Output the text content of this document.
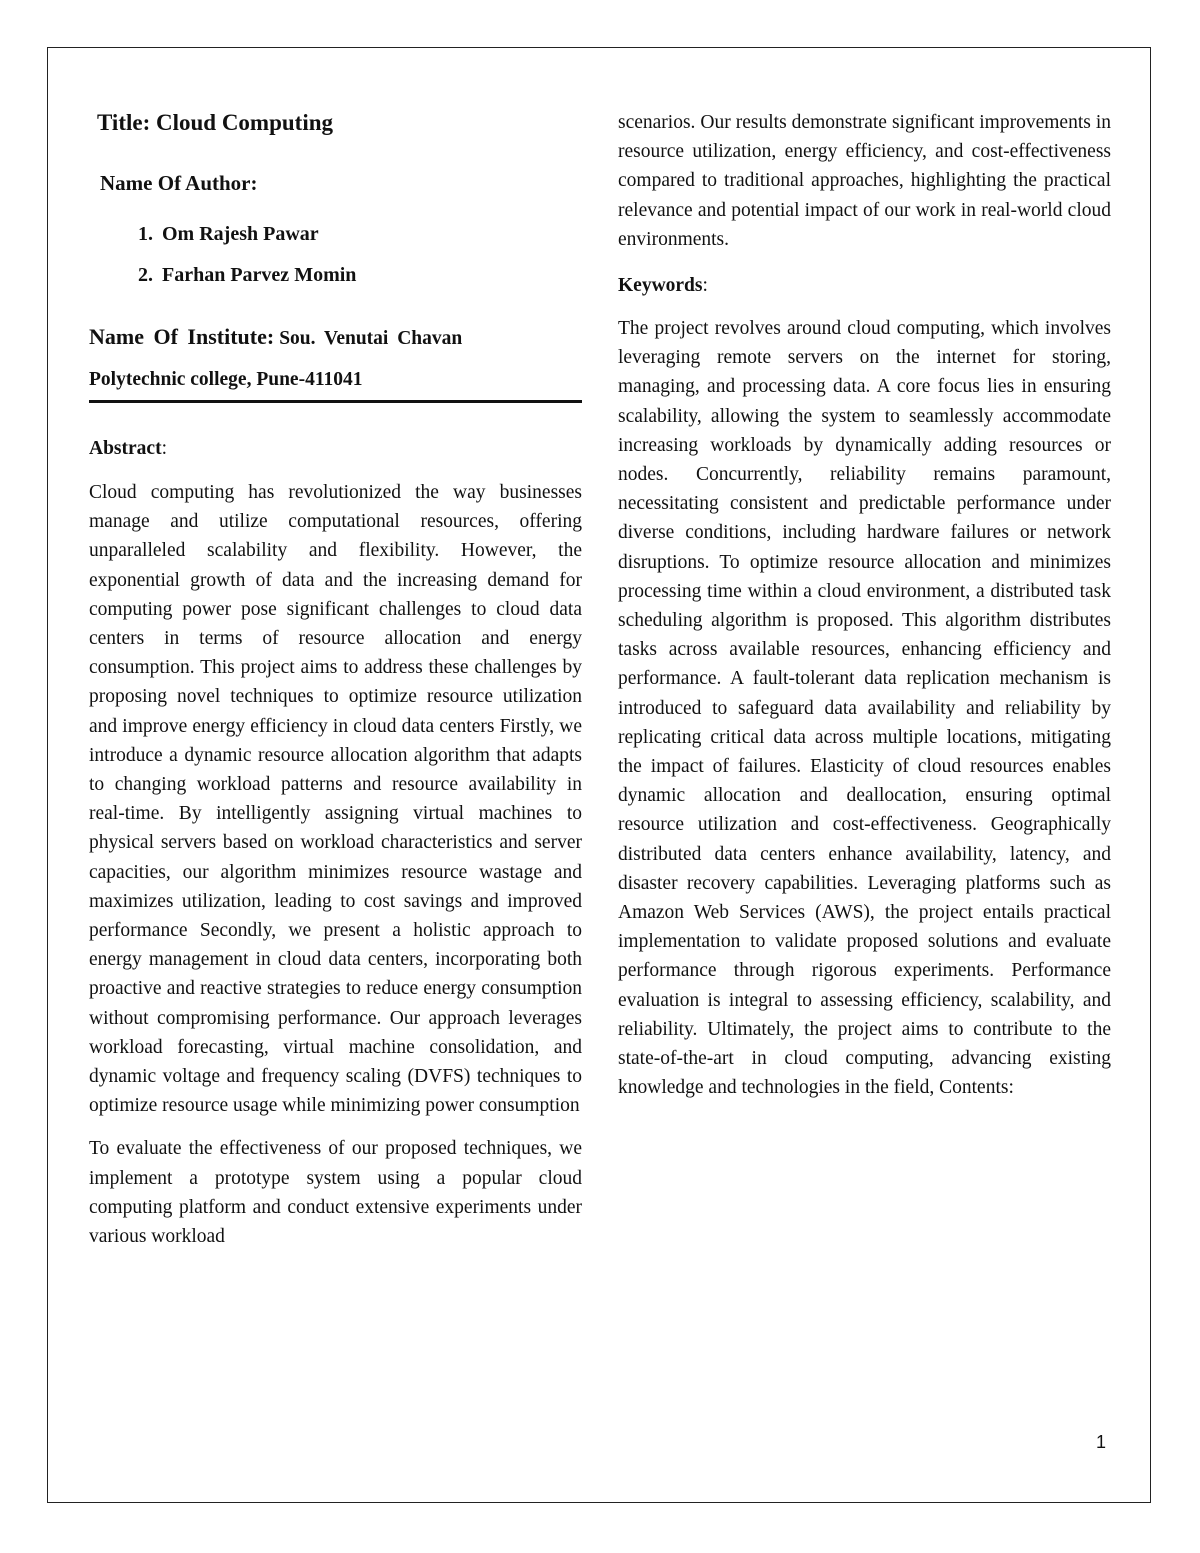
Title: Cloud Computing
Name Of Author:
1. Om Rajesh Pawar
2. Farhan Parvez Momin
Name Of Institute: Sou. Venutai Chavan
Polytechnic college, Pune-411041
Abstract:

Cloud computing has revolutionized the way businesses manage and utilize computational resources, offering unparalleled scalability and flexibility. However, the exponential growth of data and the increasing demand for computing power pose significant challenges to cloud data centers in terms of resource allocation and energy consumption. This project aims to address these challenges by proposing novel techniques to optimize resource utilization and improve energy efficiency in cloud data centers Firstly, we introduce a dynamic resource allocation algorithm that adapts to changing workload patterns and resource availability in real-time. By intelligently assigning virtual machines to physical servers based on workload characteristics and server capacities, our algorithm minimizes resource wastage and maximizes utilization, leading to cost savings and improved performance Secondly, we present a holistic approach to energy management in cloud data centers, incorporating both proactive and reactive strategies to reduce energy consumption without compromising performance. Our approach leverages workload forecasting, virtual machine consolidation, and dynamic voltage and frequency scaling (DVFS) techniques to optimize resource usage while minimizing power consumption

To evaluate the effectiveness of our proposed techniques, we implement a prototype system using a popular cloud computing platform and conduct extensive experiments under various workload

scenarios. Our results demonstrate significant improvements in resource utilization, energy efficiency, and cost-effectiveness compared to traditional approaches, highlighting the practical relevance and potential impact of our work in real-world cloud environments.

Keywords:

The project revolves around cloud computing, which involves leveraging remote servers on the internet for storing, managing, and processing data. A core focus lies in ensuring scalability, allowing the system to seamlessly accommodate increasing workloads by dynamically adding resources or nodes. Concurrently, reliability remains paramount, necessitating consistent and predictable performance under diverse conditions, including hardware failures or network disruptions. To optimize resource allocation and minimizes processing time within a cloud environment, a distributed task scheduling algorithm is proposed. This algorithm distributes tasks across available resources, enhancing efficiency and performance. A fault-tolerant data replication mechanism is introduced to safeguard data availability and reliability by replicating critical data across multiple locations, mitigating the impact of failures. Elasticity of cloud resources enables dynamic allocation and deallocation, ensuring optimal resource utilization and cost-effectiveness. Geographically distributed data centers enhance availability, latency, and disaster recovery capabilities. Leveraging platforms such as Amazon Web Services (AWS), the project entails practical implementation to validate proposed solutions and evaluate performance through rigorous experiments. Performance evaluation is integral to assessing efficiency, scalability, and reliability. Ultimately, the project aims to contribute to the state-of-the-art in cloud computing, advancing existing knowledge and technologies in the field, Contents:

1
